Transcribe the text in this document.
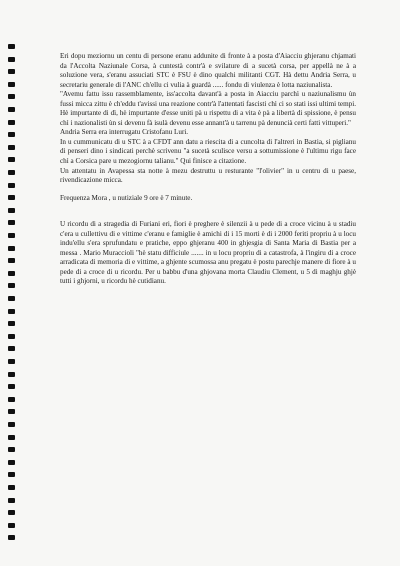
Eri dopu meziornu un centu di persone eranu addunite di fronte à a posta d'Aiacciu ghjeranu chjamati da l'Accolta Naziunale Corsa, à cuntestà contr'à e svilature di a sucetà corsa, per appellà ne à a soluzione vera, s'eranu assuciati STC è FSU è dino qualchi militanti CGT. Hà dettu Andria Serra, u secretariu generale di l'ANC ch'ellu ci vulia à guardà ...... fondu di viulenza è lotta naziunalista.

"Avemu fattu issu rassemblamente, iss'accolta davant'à a posta in Aiacciu parchì u naziunalismu ùn fussi micca zittu è ch'eddu t'avissi una reazione contr'à l'attentati fascisti chì ci so stati issi ultimi tempi. Hè impurtante di dì, hè impurtante d'esse uniti pà u rispettu di a vita è pà a libertà di spissione, è pensu chì i nazionalisti ùn si devenu fà isulà devenu esse annant'à u tarrenu pà denuncià certi fatti vittuperi."

Andria Serra era interrugatu Cristofanu Luri.

In u cummunicatu di u STC à a CFDT ann datu a riescita di a cuncolta di l'altreri in Bastia, si piglianu di penseri dino i sindicati perchè scrivenu "a sucetà sculisce versu a sottumissione è l'ultimu rigu face chì a Corsica pare u mezogiornu talianu." Qui finisce a citazione.

Un attentatu in Avapessa sta notte à mezu destruttu u resturante "l'olivier" in u centru di u paese, rivendicazione micca.

Frequenza Mora , u nutiziale 9 ore è 7 minute.

U ricordu di a stragedia di Furiani eri, fiori è preghere è silenzii à u pede di a croce vicinu à u stadiu c'era u cullettivu di e vittime c'eranu e famiglie è amichi di i 15 morti è di i 2000 feriti propriu à u locu indu'ellu s'era sprufundatu e pratiche, eppo ghjeranu 400 in ghjesgia di Santa Maria di Bastia per a messa . Mario Muraccioli "hè statu difficiule ....... in u locu propriu di a catastrofa, à l'ingiru di a croce arradicata di memoria di e vittime, a ghjente scumossa anu pregatu è postu parechje manere di fiore à u pede di a croce di u ricordu. Per u babbu d'una ghjovana morta Claudiu Clement, u 5 di maghju ghjè tutti i ghjorni, u ricordu hè cutidianu.
